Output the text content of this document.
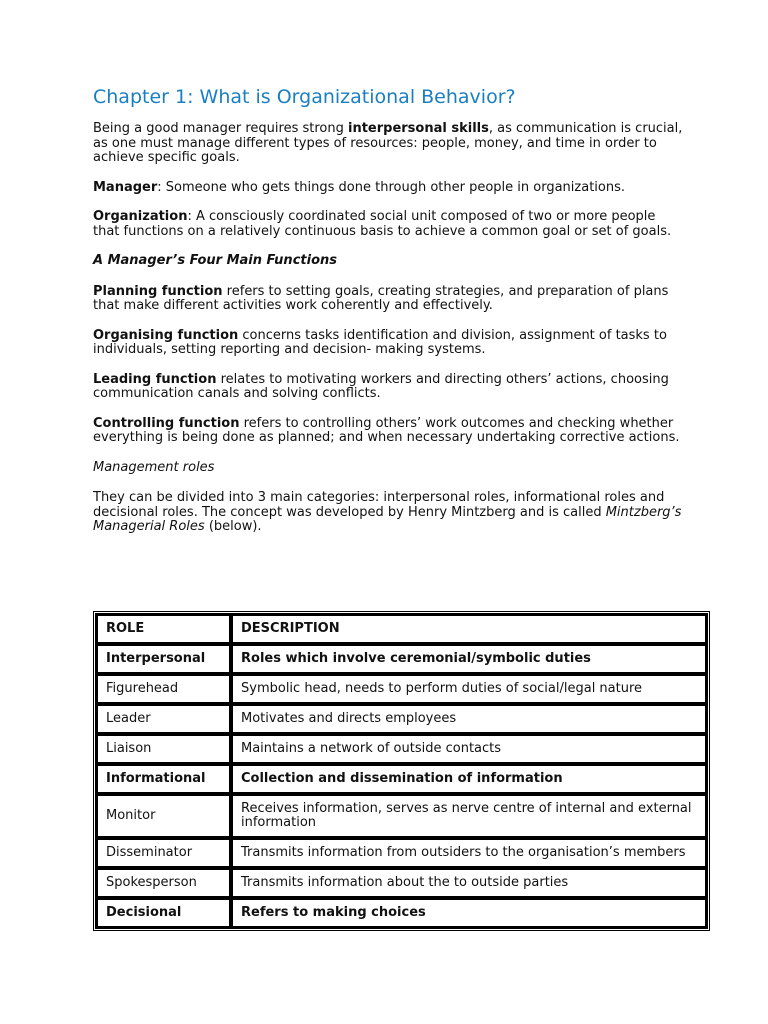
Chapter 1: What is Organizational Behavior?

Being a good manager requires strong interpersonal skills, as communication is crucial, as one must manage different types of resources: people, money, and time in order to achieve specific goals.

Manager: Someone who gets things done through other people in organizations.

Organization: A consciously coordinated social unit composed of two or more people that functions on a relatively continuous basis to achieve a common goal or set of goals.

A Manager’s Four Main Functions

Planning function refers to setting goals, creating strategies, and preparation of plans that make different activities work coherently and effectively.

Organising function concerns tasks identification and division, assignment of tasks to individuals, setting reporting and decision- making systems.

Leading function relates to motivating workers and directing others’ actions, choosing communication canals and solving conflicts.

Controlling function refers to controlling others’ work outcomes and checking whether everything is being done as planned; and when necessary undertaking corrective actions.

Management roles

They can be divided into 3 main categories: interpersonal roles, informational roles and decisional roles. The concept was developed by Henry Mintzberg and is called Mintzberg’s Managerial Roles (below).

ROLE	DESCRIPTION
Interpersonal	Roles which involve ceremonial/symbolic duties
Figurehead	Symbolic head, needs to perform duties of social/legal nature
Leader	Motivates and directs employees
Liaison	Maintains a network of outside contacts
Informational	Collection and dissemination of information
Monitor	Receives information, serves as nerve centre of internal and external information
Disseminator	Transmits information from outsiders to the organisation’s members
Spokesperson	Transmits information about the to outside parties
Decisional	Refers to making choices
